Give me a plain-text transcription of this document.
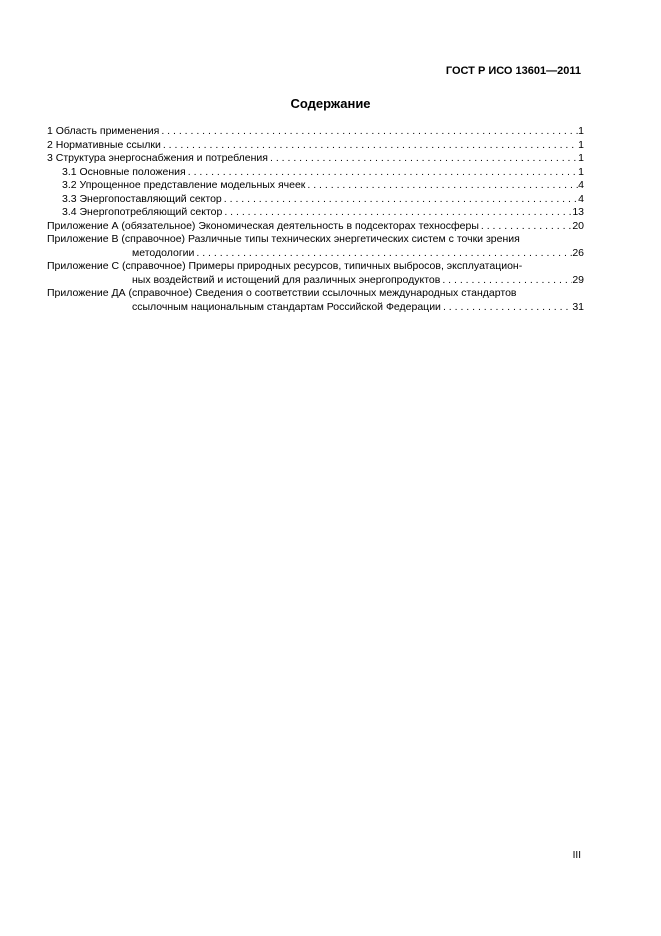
ГОСТ Р ИСО 13601—2011
Содержание
1 Область применения . . .	1
2 Нормативные ссылки . . .	1
3 Структура энергоснабжения и потребления . . .	1
3.1 Основные положения . . .	1
3.2 Упрощенное представление модельных ячеек . . .	4
3.3 Энергопоставляющий сектор . . .	4
3.4 Энергопотребляющий сектор . . .	13
Приложение А (обязательное) Экономическая деятельность в подсекторах техносферы . . .	20
Приложение В (справочное) Различные типы технических энергетических систем с точки зрения
методологии . . .	26
Приложение С (справочное) Примеры природных ресурсов, типичных выбросов, эксплуатацион-
ных воздействий и истощений для различных энергопродуктов . . .	29
Приложение ДА (справочное) Сведения о соответствии ссылочных международных стандартов
ссылочным национальным стандартам Российской Федерации . . .	31
III
